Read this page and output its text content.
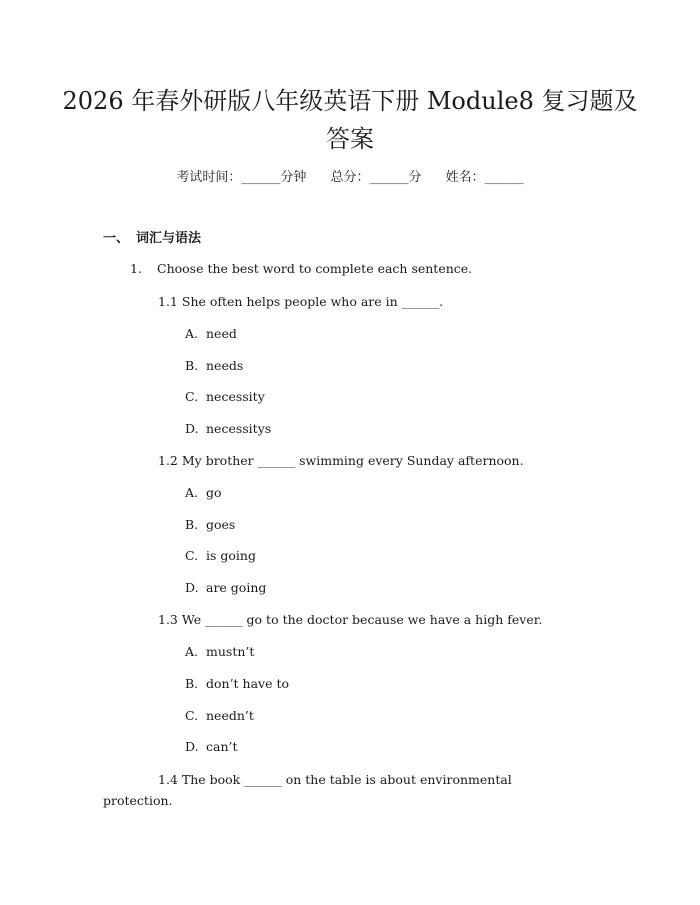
2026 年春外研版八年级英语下册 Module8 复习题及答案
考试时间：______分钟 总分：______分 姓名：______
一、 词汇与语法
1. Choose the best word to complete each sentence.
1.1 She often helps people who are in ______.
A. need
B. needs
C. necessity
D. necessitys
1.2 My brother ______ swimming every Sunday afternoon.
A. go
B. goes
C. is going
D. are going
1.3 We ______ go to the doctor because we have a high fever.
A. mustn’t
B. don’t have to
C. needn’t
D. can’t
1.4 The book ______ on the table is about environmental protection.
